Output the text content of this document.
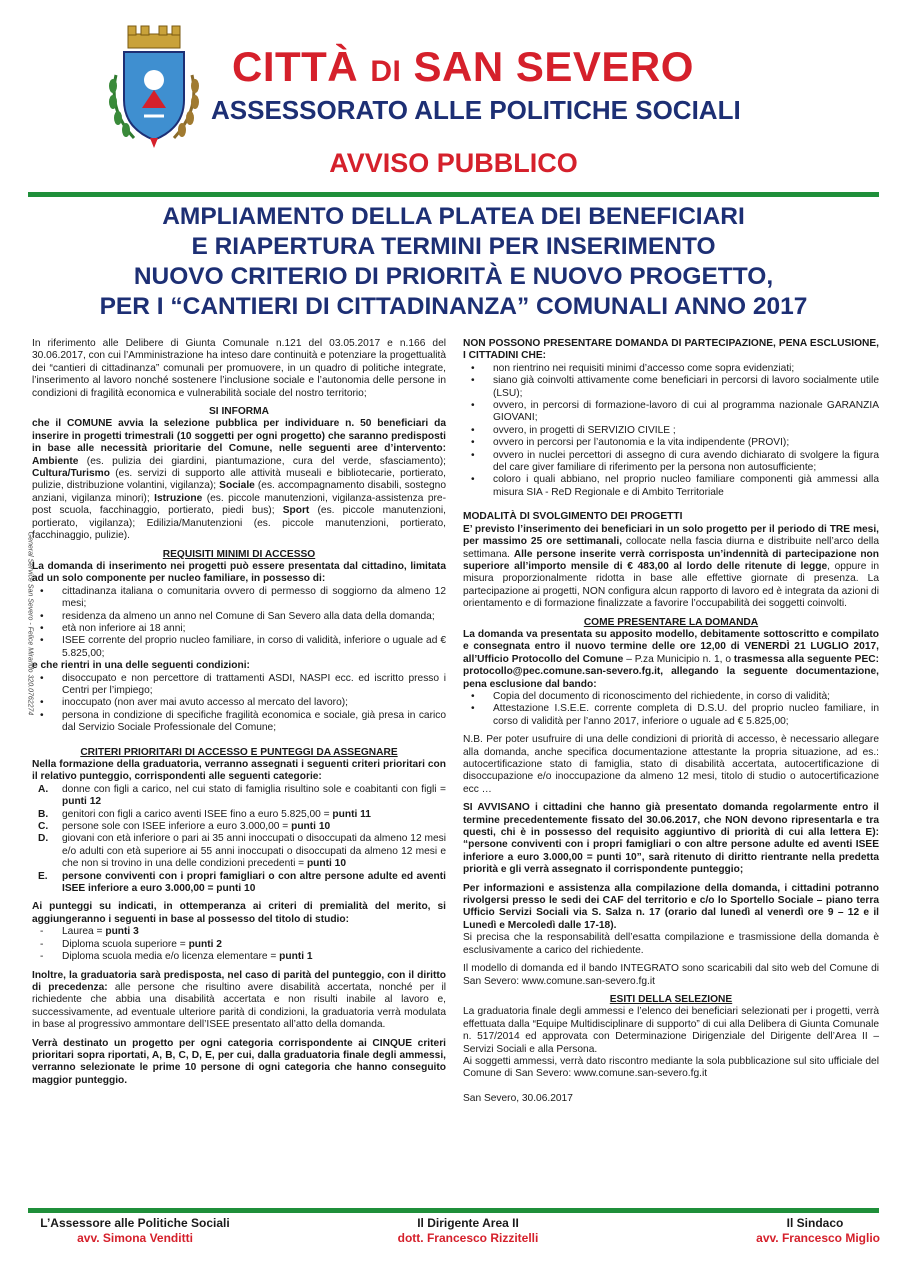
CITTÀ DI SAN SEVERO
ASSESSORATO ALLE POLITICHE SOCIALI
AVVISO PUBBLICO
AMPLIAMENTO DELLA PLATEA DEI BENEFICIARI
E RIAPERTURA TERMINI PER INSERIMENTO
NUOVO CRITERIO DI PRIORITÀ E NUOVO PROGETTO,
PER I “CANTIERI DI CITTADINANZA” COMUNALI ANNO 2017
General Service San Severo - Felice Mirando 320.0762274

In riferimento alle Delibere di Giunta Comunale n.121 del 03.05.2017 e n.166 del 30.06.2017, con cui l’Amministrazione ha inteso dare continuità e potenziare la progettualità dei “cantieri di cittadinanza” comunali per promuovere, in un quadro di politiche integrate, l’inserimento al lavoro nonché sostenere l’inclusione sociale e l’autonomia delle persone in condizioni di fragilità economica e vulnerabilità sociale del nostro territorio;

SI INFORMA

che il COMUNE avvia la selezione pubblica per individuare n. 50 beneficiari da inserire in progetti trimestrali (10 soggetti per ogni progetto) che saranno predisposti in base alle necessità prioritarie del Comune, nelle seguenti aree d’intervento: Ambiente (es. pulizia dei giardini, piantumazione, cura del verde, sfasciamento); Cultura/Turismo (es. servizi di supporto alle attività museali e bibliotecarie, portierato, pulizie, distribuzione volantini, vigilanza); Sociale (es. accompagnamento disabili, sostegno anziani, vigilanza minori); Istruzione (es. piccole manutenzioni, vigilanza-assistenza pre-post scuola, facchinaggio, portierato, piedi bus); Sport (es. piccole manutenzioni, portierato, vigilanza); Edilizia/Manutenzioni (es. piccole manutenzioni, portierato, facchinaggio, pulizie).

REQUISITI MINIMI DI ACCESSO

La domanda di inserimento nei progetti può essere presentata dal cittadino, limitata ad un solo componente per nucleo familiare, in possesso di:

• cittadinanza italiana o comunitaria ovvero di permesso di soggiorno da almeno 12 mesi;
• residenza da almeno un anno nel Comune di San Severo alla data della domanda;
• età non inferiore ai 18 anni;
• ISEE corrente del proprio nucleo familiare, in corso di validità, inferiore o uguale ad € 5.825,00;

e che rientri in una delle seguenti condizioni:

• disoccupato e non percettore di trattamenti ASDI, NASPI ecc. ed iscritto presso i Centri per l’impiego;
• inoccupato (non aver mai avuto accesso al mercato del lavoro);
• persona in condizione di specifiche fragilità economica e sociale, già presa in carico dal Servizio Sociale Professionale del Comune;

CRITERI PRIORITARI DI ACCESSO E PUNTEGGI DA ASSEGNARE

Nella formazione della graduatoria, verranno assegnati i seguenti criteri prioritari con il relativo punteggio, corrispondenti alle seguenti categorie:

A. donne con figli a carico, nel cui stato di famiglia risultino sole e coabitanti con figli = punti 12
B. genitori con figli a carico aventi ISEE fino a euro 5.825,00 = punti 11
C. persone sole con ISEE inferiore a euro 3.000,00 = punti 10
D. giovani con età inferiore o pari ai 35 anni inoccupati o disoccupati da almeno 12 mesi e/o adulti con età superiore ai 55 anni inoccupati o disoccupati da almeno 12 mesi e che non si trovino in una delle condizioni precedenti = punti 10
E. persone conviventi con i propri famigliari o con altre persone adulte ed aventi ISEE inferiore a euro 3.000,00 = punti 10

Ai punteggi su indicati, in ottemperanza ai criteri di premialità del merito, si aggiungeranno i seguenti in base al possesso del titolo di studio:

- Laurea = punti 3
- Diploma scuola superiore = punti 2
- Diploma scuola media e/o licenza elementare = punti 1

Inoltre, la graduatoria sarà predisposta, nel caso di parità del punteggio, con il diritto di precedenza: alle persone che risultino avere disabilità accertata, nonché per il richiedente che abbia una disabilità accertata e non risulti inabile al lavoro e, successivamente, ad eventuale ulteriore parità di condizioni, la graduatoria verrà modulata in base al progressivo ammontare dell’ISEE presentato all’atto della domanda.

Verrà destinato un progetto per ogni categoria corrispondente ai CINQUE criteri prioritari sopra riportati, A, B, C, D, E, per cui, dalla graduatoria finale degli ammessi, verranno selezionate le prime 10 persone di ogni categoria che hanno conseguito maggior punteggio.

NON POSSONO PRESENTARE DOMANDA DI PARTECIPAZIONE, PENA ESCLUSIONE, I CITTADINI CHE:

• non rientrino nei requisiti minimi d’accesso come sopra evidenziati;
• siano già coinvolti attivamente come beneficiari in percorsi di lavoro socialmente utile (LSU);
• ovvero, in percorsi di formazione-lavoro di cui al programma nazionale GARANZIA GIOVANI;
• ovvero, in progetti di SERVIZIO CIVILE ;
• ovvero in percorsi per l’autonomia e la vita indipendente (PROVI);
• ovvero in nuclei percettori di assegno di cura avendo dichiarato di svolgere la figura del care giver familiare di riferimento per la persona non autosufficiente;
• coloro i quali abbiano, nel proprio nucleo familiare componenti già ammessi alla misura SIA - ReD Regionale e di Ambito Territoriale

MODALITÀ DI SVOLGIMENTO DEI PROGETTI

E’ previsto l’inserimento dei beneficiari in un solo progetto per il periodo di TRE mesi, per massimo 25 ore settimanali, collocate nella fascia diurna e distribuite nell’arco della settimana. Alle persone inserite verrà corrisposta un’indennità di partecipazione non superiore all’importo mensile di € 483,00 al lordo delle ritenute di legge, oppure in misura proporzionalmente ridotta in base alle effettive giornate di presenza. La partecipazione ai progetti, NON configura alcun rapporto di lavoro ed è integrata da azioni di orientamento e di formazione finalizzate a favorire l’occupabilità dei soggetti coinvolti.

COME PRESENTARE LA DOMANDA

La domanda va presentata su apposito modello, debitamente sottoscritto e compilato e consegnata entro il nuovo termine delle ore 12,00 di VENERDÌ 21 LUGLIO 2017, all’Ufficio Protocollo del Comune – P.za Municipio n. 1, o trasmessa alla seguente PEC: protocollo@pec.comune.san-severo.fg.it, allegando la seguente documentazione, pena esclusione dal bando:

• Copia del documento di riconoscimento del richiedente, in corso di validità;
• Attestazione I.S.E.E. corrente completa di D.S.U. del proprio nucleo familiare, in corso di validità per l’anno 2017, inferiore o uguale ad € 5.825,00;

N.B. Per poter usufruire di una delle condizioni di priorità di accesso, è necessario allegare alla domanda, anche specifica documentazione attestante la propria situazione, ad es.: autocertificazione stato di famiglia, stato di disabilità accertata, autocertificazione di disoccupazione e/o inoccupazione da almeno 12 mesi, titolo di studio o autocertificazione ecc …

SI AVVISANO i cittadini che hanno già presentato domanda regolarmente entro il termine precedentemente fissato del 30.06.2017, che NON devono ripresentarla e tra questi, chi è in possesso del requisito aggiuntivo di priorità di cui alla lettera E): “persone conviventi con i propri famigliari o con altre persone adulte ed aventi ISEE inferiore a euro 3.000,00 = punti 10”, sarà ritenuto di diritto rientrante nella predetta priorità e gli verrà assegnato il corrispondente punteggio;

Per informazioni e assistenza alla compilazione della domanda, i cittadini potranno rivolgersi presso le sedi dei CAF del territorio e c/o lo Sportello Sociale – piano terra Ufficio Servizi Sociali via S. Salza n. 17 (orario dal lunedì al venerdì ore 9 – 12 e il Lunedì e Mercoledì dalle 17-18).

Si precisa che la responsabilità dell’esatta compilazione e trasmissione della domanda è esclusivamente a carico del richiedente.

Il modello di domanda ed il bando INTEGRATO sono scaricabili dal sito web del Comune di San Severo: www.comune.san-severo.fg.it

ESITI DELLA SELEZIONE

La graduatoria finale degli ammessi e l’elenco dei beneficiari selezionati per i progetti, verrà effettuata dalla “Equipe Multidisciplinare di supporto” di cui alla Delibera di Giunta Comunale n. 517/2014 ed approvata con Determinazione Dirigenziale del Dirigente dell’Area II – Servizi Sociali e alla Persona.

Ai soggetti ammessi, verrà dato riscontro mediante la sola pubblicazione sul sito ufficiale del Comune di San Severo: www.comune.san-severo.fg.it

San Severo, 30.06.2017

L’Assessore alle Politiche Sociali
avv. Simona Venditti
Il Dirigente Area II
dott. Francesco Rizzitelli
Il Sindaco
avv. Francesco Miglio
